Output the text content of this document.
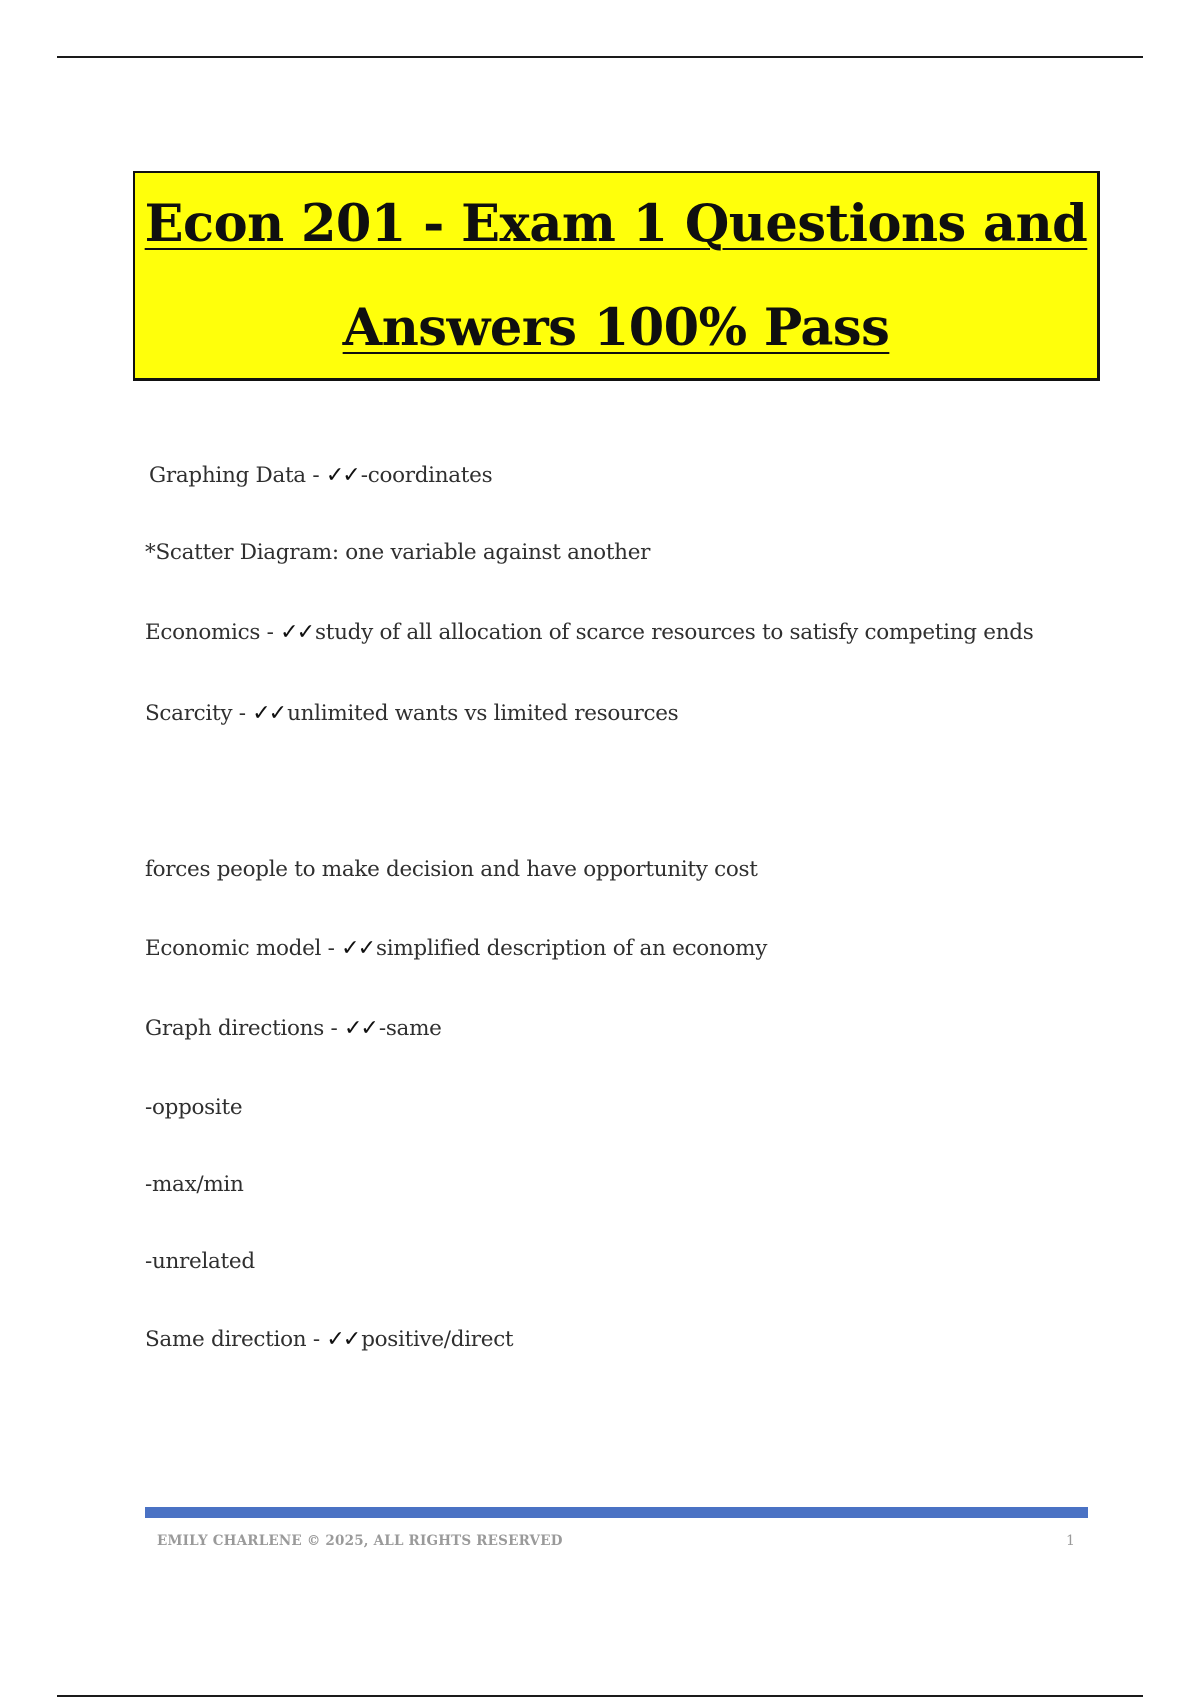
Econ 201 - Exam 1 Questions and
Answers 100% Pass
Graphing Data - ✓✓-coordinates
*Scatter Diagram: one variable against another
Economics - ✓✓study of all allocation of scarce resources to satisfy competing ends
Scarcity - ✓✓unlimited wants vs limited resources
forces people to make decision and have opportunity cost
Economic model - ✓✓simplified description of an economy
Graph directions - ✓✓-same
-opposite
-max/min
-unrelated
Same direction - ✓✓positive/direct
EMILY CHARLENE © 2025, ALL RIGHTS RESERVED	1
